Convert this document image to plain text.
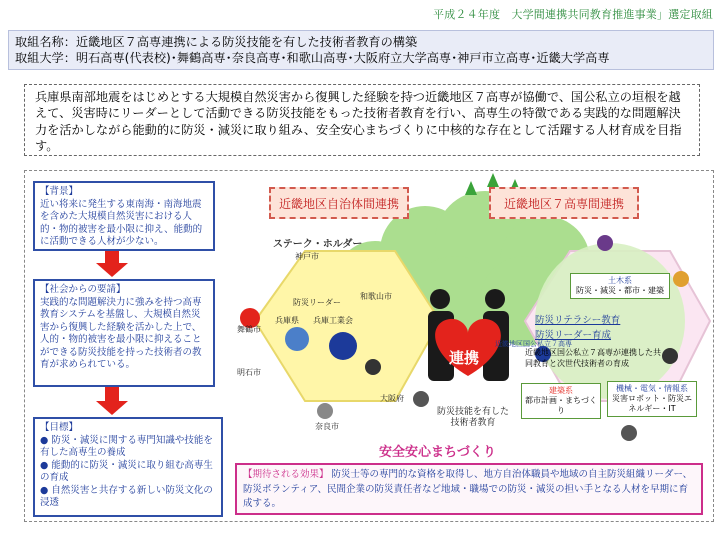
平成２４年度　大学間連携共同教育推進事業」選定取組
取組名称：近畿地区７高専連携による防災技能を有した技術者教育の構築
取組大学：明石高専(代表校)･舞鶴高専･奈良高専･和歌山高専･大阪府立大学高専･神戸市立高専･近畿大学高専
兵庫県南部地震をはじめとする大規模自然災害から復興した経験を持つ近畿地区７高専が協働で、国公私立の垣根を越えて、災害時にリーダーとして活動できる防災技能をもった技術者教育を行い、高専生の特徴である実践的な問題解決力を活かしながら能動的に防災・減災に取り組み、安全安心まちづくりに中核的な存在として活躍する人材育成を目指す。
【背景】
近い将来に発生する東南海・南海地震を含めた大規模自然災害における人的・物的被害を最小限に抑え、能動的に活動できる人材が少ない。
【社会からの要請】
実践的な問題解決力に強みを持つ高専教育システムを基盤し、大規模自然災害から復興した経験を活かした上で、人的・物的被害を最小限に抑えることができる防災技能を持った技術者の教育が求められている。
【目標】
● 防災・減災に関する専門知識や技能を有した高専生の養成
● 能動的に防災・減災に取り組む高専生の育成
● 自然災害と共存する新しい防災文化の浸透
近畿地区自治体間連携	近畿地区７高専間連携
ステーク・ホルダー
神戸市
防災リーダー
兵庫県 兵庫工業会
舞鶴市
和歌山市
明石市
大阪府
奈良市
連携
防災技能を有した
技術者教育
安全安心まちづくり
土木系
防災・減災・都市・建築
防災リテラシー教育
防災リーダー育成
近畿地区国公私立７高専
近畿地区国公私立７高専が連携した共同教育と次世代技術者の育成
建築系
都市計画・まちづくり
機械・電気・情報系
災害ロボット・防災エネルギー・IT
【期待される効果】 防災士等の専門的な資格を取得し、地方自治体職員や地域の自主防災組織リーダー、防災ボランティア、民間企業の防災責任者など地域・職場での防災・減災の担い手となる人材を早期に育成する。
